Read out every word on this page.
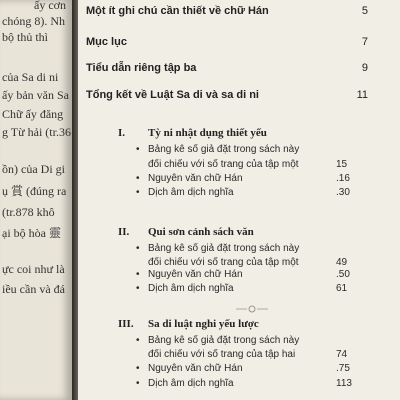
ấy cơn
chóng 8). Nh
bộ thủ thì
của Sa di ni
ấy bản văn Sa
Chữ ấy đăng
g Từ hải (tr.36
ồn) của Di gi
ụ 賞 (đúng ra
(tr.878 khô
ại bộ hòa 靈
ực coi như là
iều cần và đá
Một ít ghi chú cần thiết về chữ Hán	5
Mục lục	7
Tiểu dẫn riêng tập ba	9
Tổng kết về Luật Sa di và sa di ni	11
I. Tỳ ni nhật dụng thiết yếu
• Bảng kê số giả đặt trong sách này
đối chiếu với số trang của tập một	15
• Nguyên văn chữ Hán	.16
• Dịch âm dịch nghĩa	.30
II. Qui sơn cảnh sách văn
• Bảng kê số giả đặt trong sách này
đối chiếu với số trang của tập một	49
• Nguyên văn chữ Hán	.50
• Dịch âm dịch nghĩa	61
III. Sa di luật nghi yếu lược
• Bảng kê số giả đặt trong sách này
đối chiếu với số trang của tập hai	74
• Nguyên văn chữ Hán	.75
• Dịch âm dịch nghĩa	113
